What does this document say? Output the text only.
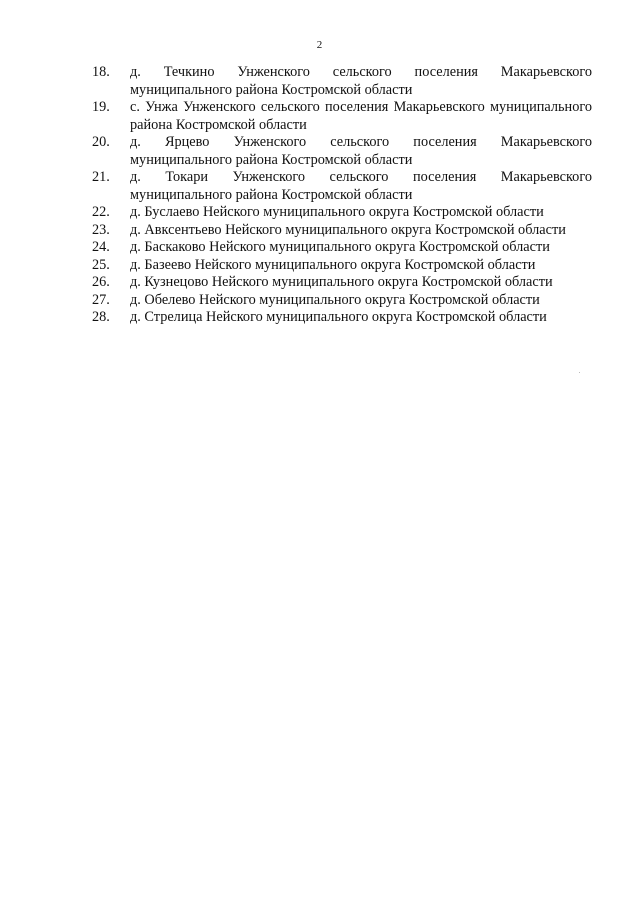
2
18.	д. Течкино Унженского сельского поселения Макарьевского муниципального района Костромской области
19.	с. Унжа Унженского сельского поселения Макарьевского муниципального района Костромской области
20.	д. Ярцево Унженского сельского поселения Макарьевского муниципального района Костромской области
21.	д. Токари Унженского сельского поселения Макарьевского муниципального района Костромской области
22.	д. Буслаево Нейского муниципального округа Костромской области
23.	д. Авксентьево Нейского муниципального округа Костромской области
24.	д. Баскаково Нейского муниципального округа Костромской области
25.	д. Базеево Нейского муниципального округа Костромской области
26.	д. Кузнецово Нейского муниципального округа Костромской области
27.	д. Обелево Нейского муниципального округа Костромской области
28.	д. Стрелица Нейского муниципального округа Костромской области
